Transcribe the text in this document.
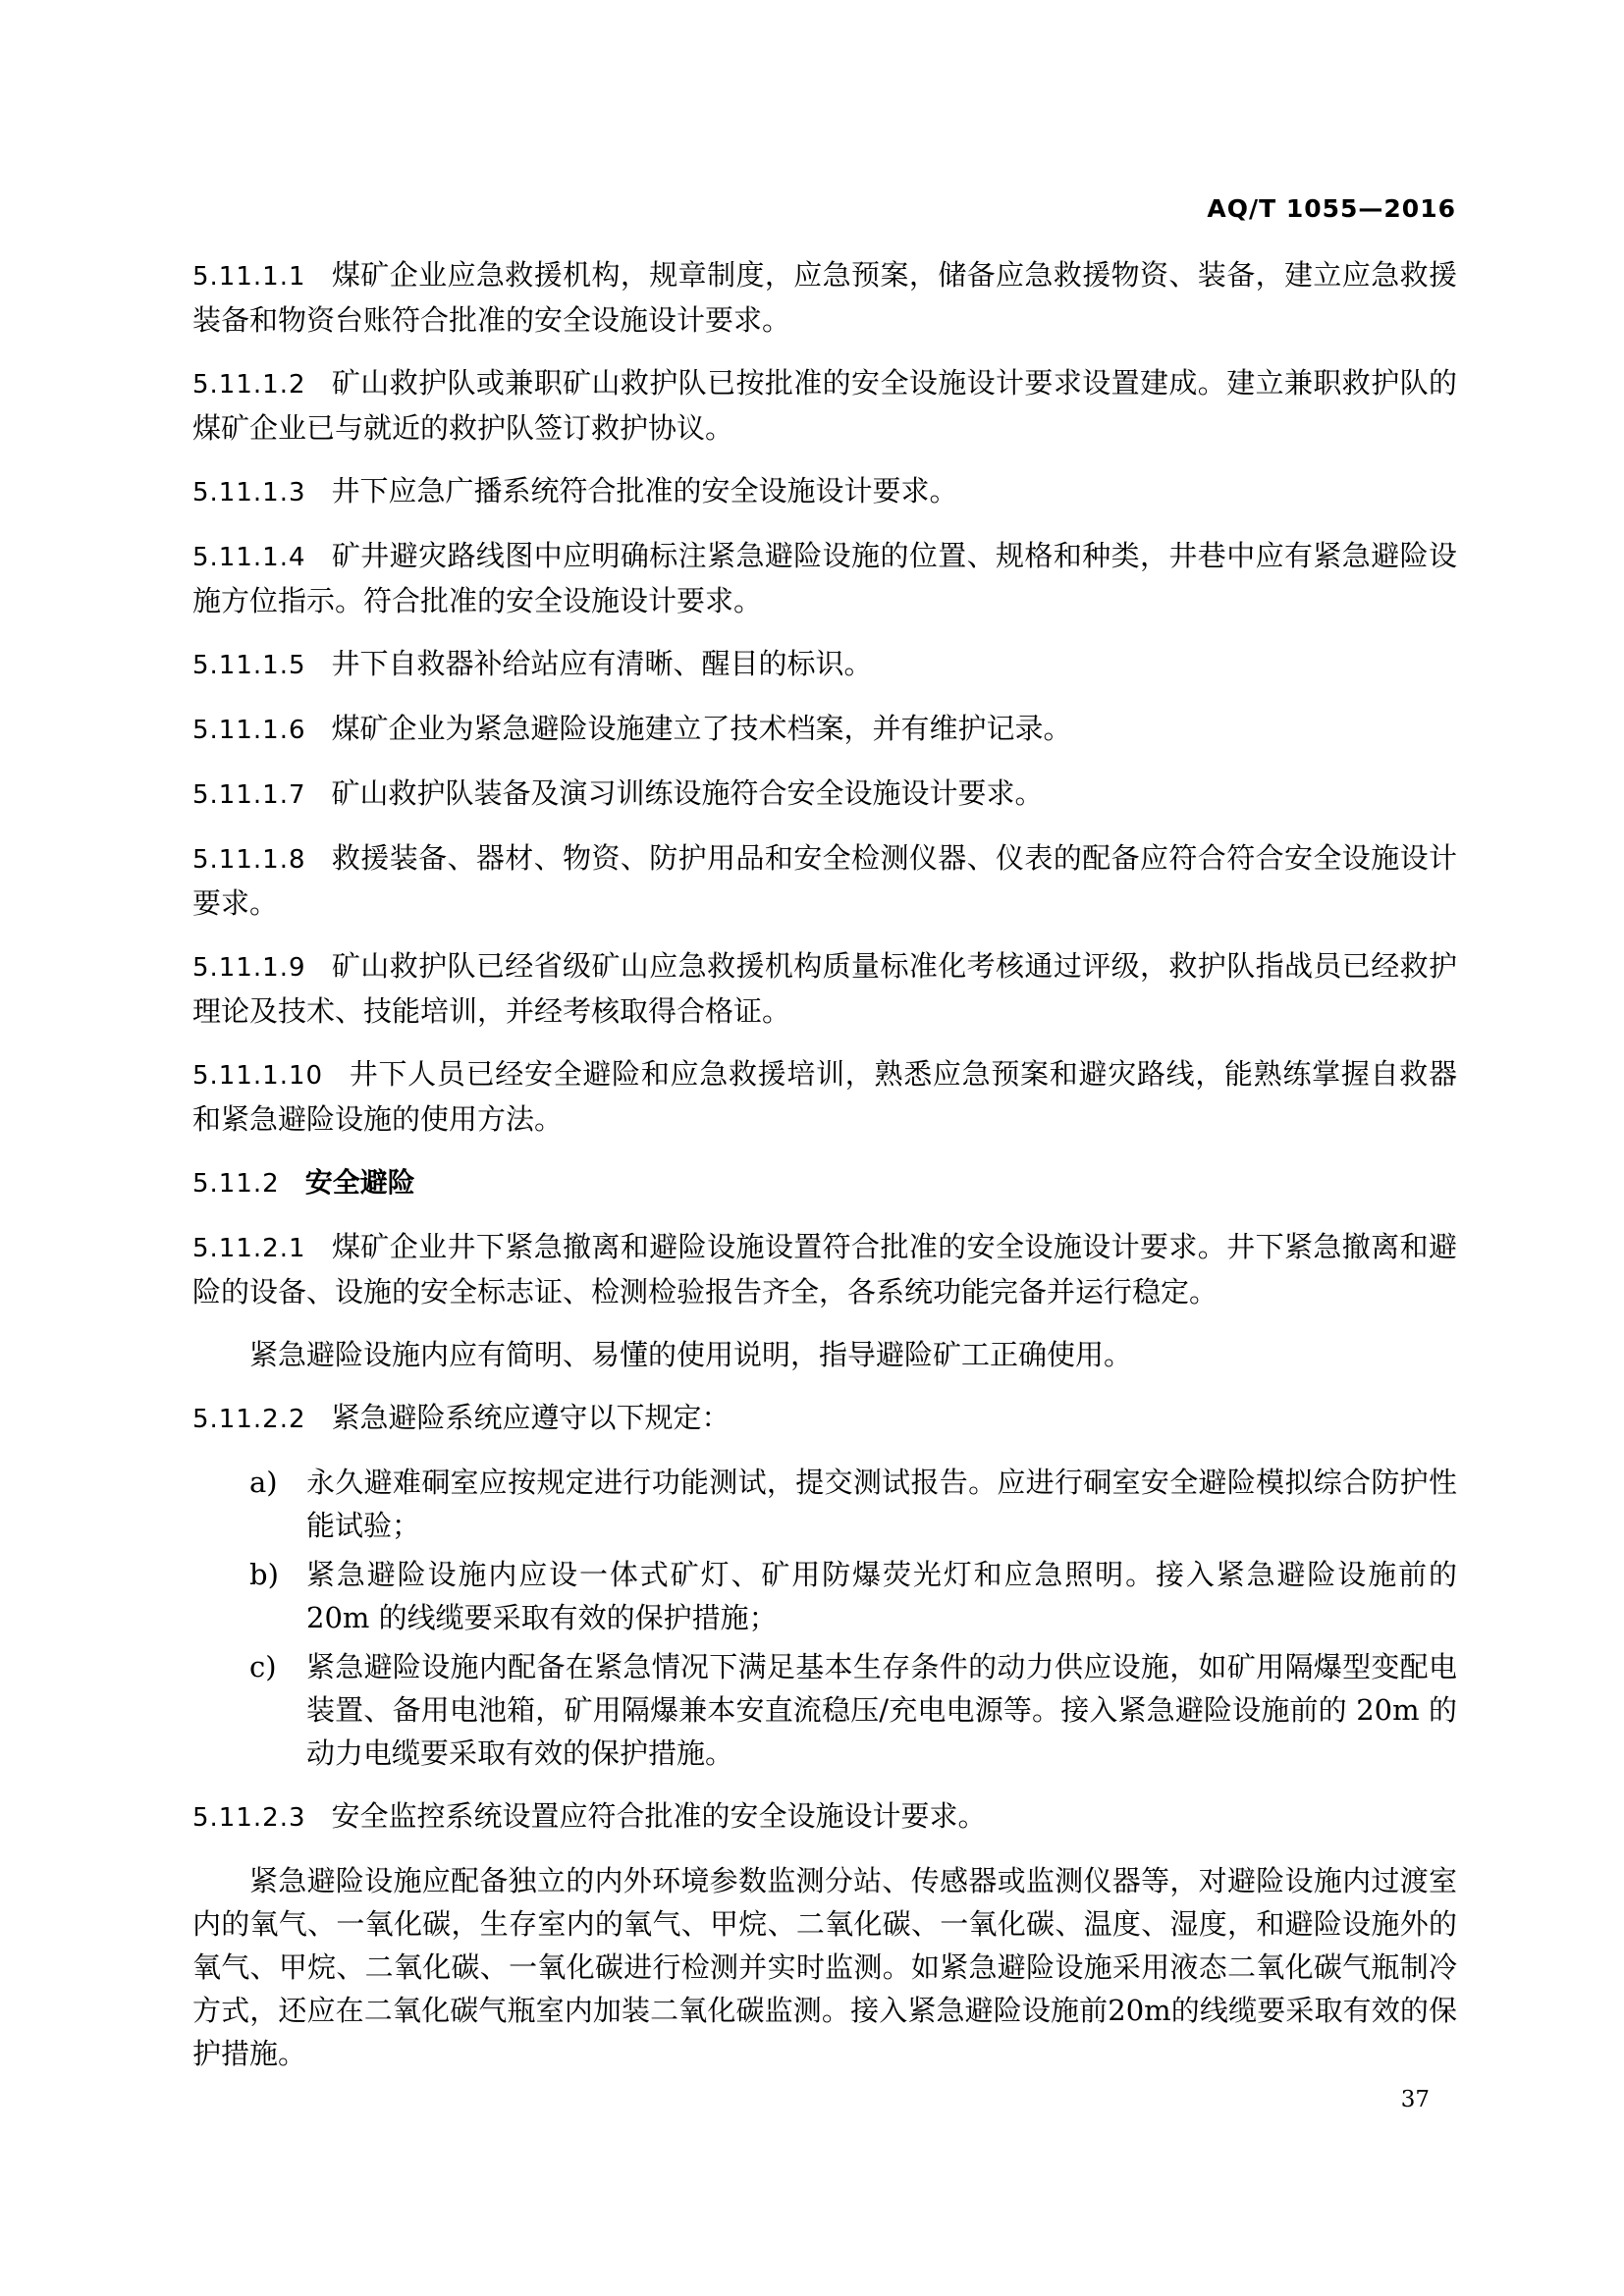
AQ/T 1055—2016

5.11.1.1 煤矿企业应急救援机构，规章制度，应急预案，储备应急救援物资、装备，建立应急救援装备和物资台账符合批准的安全设施设计要求。

5.11.1.2 矿山救护队或兼职矿山救护队已按批准的安全设施设计要求设置建成。建立兼职救护队的煤矿企业已与就近的救护队签订救护协议。

5.11.1.3 井下应急广播系统符合批准的安全设施设计要求。

5.11.1.4 矿井避灾路线图中应明确标注紧急避险设施的位置、规格和种类，井巷中应有紧急避险设施方位指示。符合批准的安全设施设计要求。

5.11.1.5 井下自救器补给站应有清晰、醒目的标识。

5.11.1.6 煤矿企业为紧急避险设施建立了技术档案，并有维护记录。

5.11.1.7 矿山救护队装备及演习训练设施符合安全设施设计要求。

5.11.1.8 救援装备、器材、物资、防护用品和安全检测仪器、仪表的配备应符合符合安全设施设计要求。

5.11.1.9 矿山救护队已经省级矿山应急救援机构质量标准化考核通过评级，救护队指战员已经救护理论及技术、技能培训，并经考核取得合格证。

5.11.1.10 井下人员已经安全避险和应急救援培训，熟悉应急预案和避灾路线，能熟练掌握自救器和紧急避险设施的使用方法。

5.11.2 安全避险

5.11.2.1 煤矿企业井下紧急撤离和避险设施设置符合批准的安全设施设计要求。井下紧急撤离和避险的设备、设施的安全标志证、检测检验报告齐全，各系统功能完备并运行稳定。

紧急避险设施内应有简明、易懂的使用说明，指导避险矿工正确使用。

5.11.2.2 紧急避险系统应遵守以下规定：

a)	永久避难硐室应按规定进行功能测试，提交测试报告。应进行硐室安全避险模拟综合防护性能试验；
b) 紧急避险设施内应设一体式矿灯、矿用防爆荧光灯和应急照明。接入紧急避险设施前的 20m 的线缆要采取有效的保护措施；
c)	紧急避险设施内配备在紧急情况下满足基本生存条件的动力供应设施，如矿用隔爆型变配电装置、备用电池箱，矿用隔爆兼本安直流稳压/充电电源等。接入紧急避险设施前的 20m 的动力电缆要采取有效的保护措施。

5.11.2.3 安全监控系统设置应符合批准的安全设施设计要求。

紧急避险设施应配备独立的内外环境参数监测分站、传感器或监测仪器等，对避险设施内过渡室内的氧气、一氧化碳，生存室内的氧气、甲烷、二氧化碳、一氧化碳、温度、湿度，和避险设施外的氧气、甲烷、二氧化碳、一氧化碳进行检测并实时监测。如紧急避险设施采用液态二氧化碳气瓶制冷方式，还应在二氧化碳气瓶室内加装二氧化碳监测。接入紧急避险设施前20m的线缆要采取有效的保护措施。

37
